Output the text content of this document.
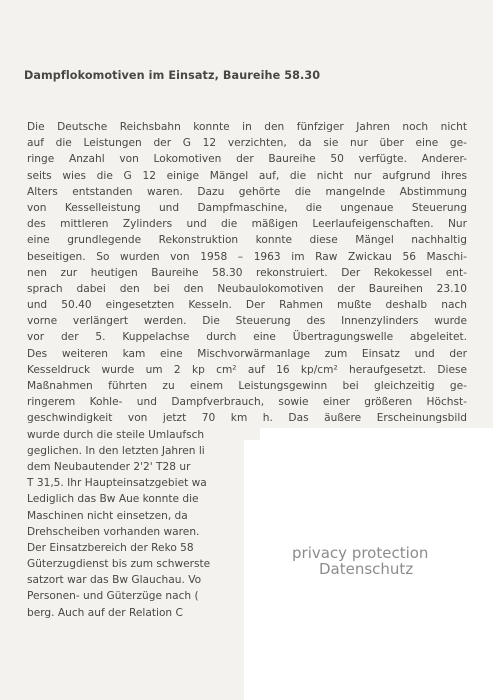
Dampflokomotiven im Einsatz, Baureihe 58.30
Die Deutsche Reichsbahn konnte in den fünfziger Jahren noch nicht
auf die Leistungen der G 12 verzichten, da sie nur über eine ge-
ringe Anzahl von Lokomotiven der Baureihe 50 verfügte. Anderer-
seits wies die G 12 einige Mängel auf, die nicht nur aufgrund ihres
Alters entstanden waren. Dazu gehörte die mangelnde Abstimmung
von Kesselleistung und Dampfmaschine, die ungenaue Steuerung
des mittleren Zylinders und die mäßigen Leerlaufeigenschaften. Nur
eine grundlegende Rekonstruktion konnte diese Mängel nachhaltig
beseitigen. So wurden von 1958 – 1963 im Raw Zwickau 56 Maschi-
nen zur heutigen Baureihe 58.30 rekonstruiert. Der Rekokessel ent-
sprach dabei den bei den Neubaulokomotiven der Baureihen 23.10
und 50.40 eingesetzten Kesseln. Der Rahmen mußte deshalb nach
vorne verlängert werden. Die Steuerung des Innenzylinders wurde
vor der 5. Kuppelachse durch eine Übertragungswelle abgeleitet.
Des weiteren kam eine Mischvorwärmanlage zum Einsatz und der
Kesseldruck wurde um 2 kp cm² auf 16 kp/cm² heraufgesetzt. Diese
Maßnahmen führten zu einem Leistungsgewinn bei gleichzeitig ge-
ringerem Kohle- und Dampfverbrauch, sowie einer größeren Höchst-
geschwindigkeit von jetzt 70 km h. Das äußere Erscheinungsbild
wurde durch die steile Umlaufsch
geglichen. In den letzten Jahren li
dem Neubautender 2'2' T28 ur
T 31,5. Ihr Haupteinsatzgebiet wa
Lediglich das Bw Aue konnte die
Maschinen nicht einsetzen, da
Drehscheiben vorhanden waren.
Der Einsatzbereich der Reko 58
Güterzugdienst bis zum schwerste
satzort war das Bw Glauchau. Vo
Personen- und Güterzüge nach (
berg. Auch auf der Relation C
privacy protection
Datenschutz
